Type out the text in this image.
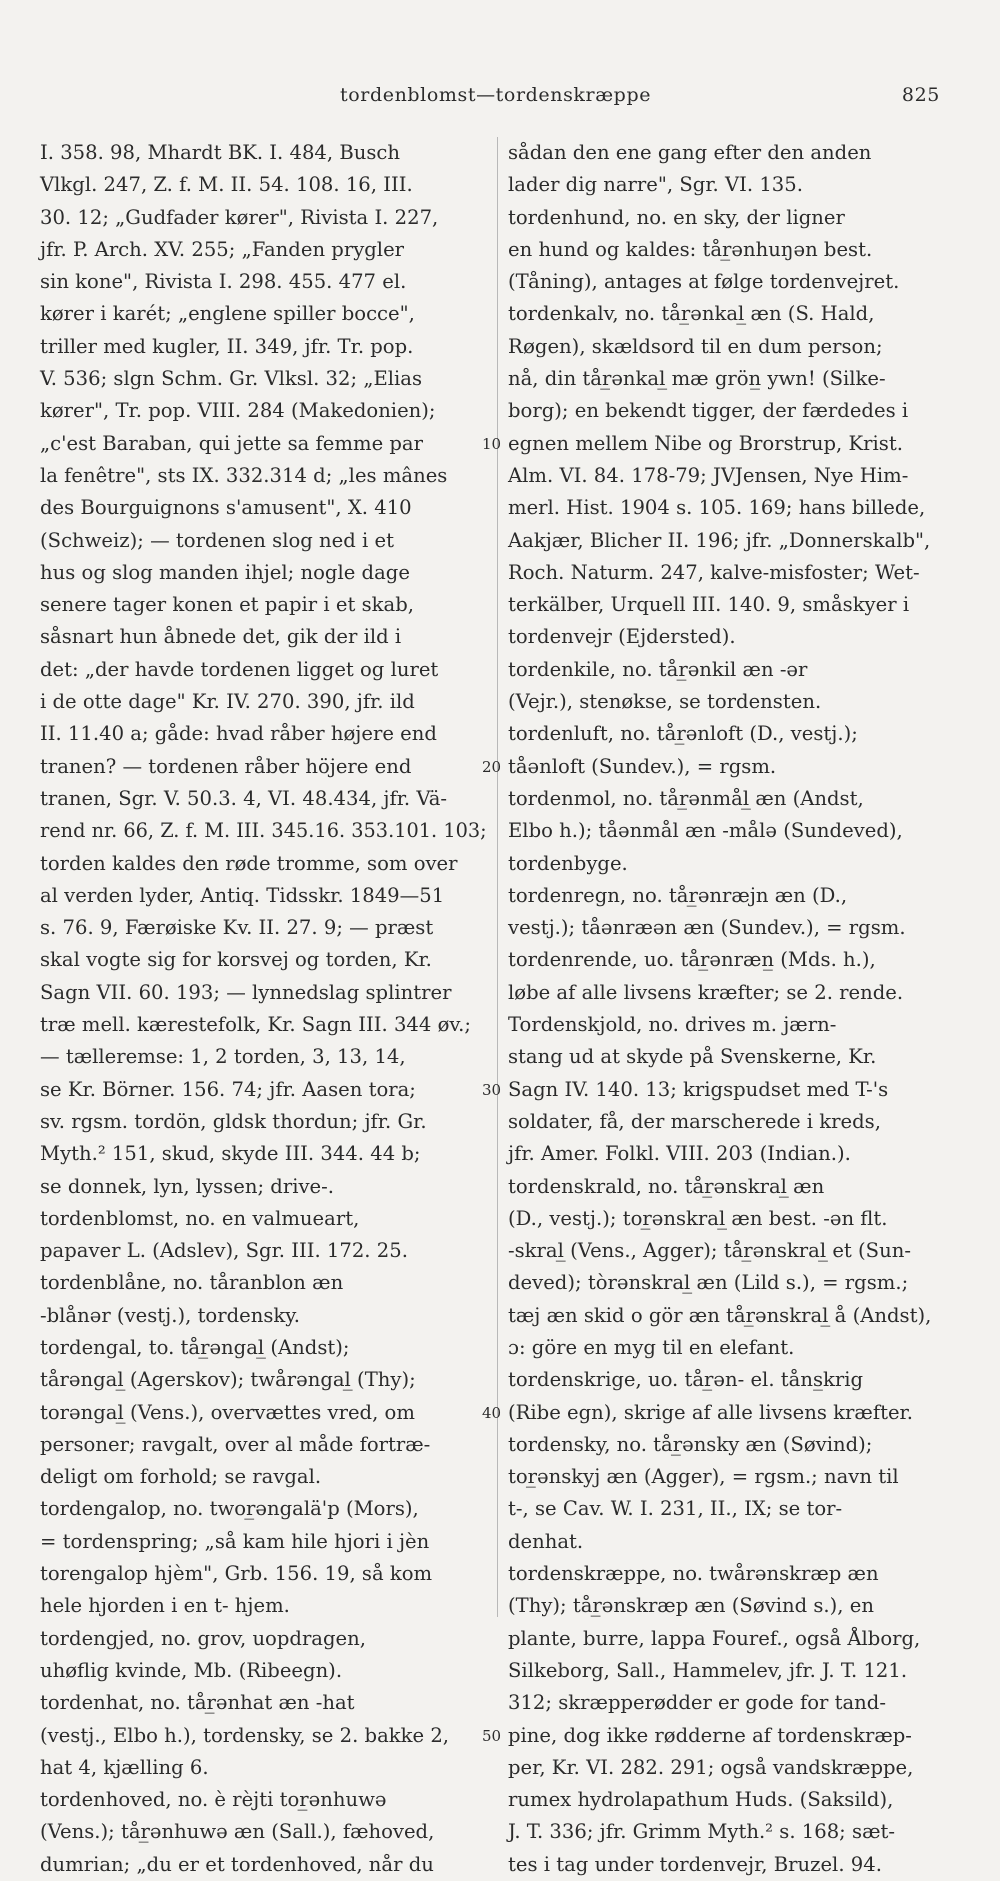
tordenblomst—tordenskræppe	825
I. 358. 98, Mhardt BK. I. 484, Busch
Vlkgl. 247, Z. f. M. II. 54. 108. 16, III.
30. 12; „Gudfader kører", Rivista I. 227,
jfr. P. Arch. XV. 255; „Fanden prygler
sin kone", Rivista I. 298. 455. 477 el.
kører i karét; „englene spiller bocce",
triller med kugler, II. 349, jfr. Tr. pop.
V. 536; slgn Schm. Gr. Vlksl. 32; „Elias
kører", Tr. pop. VIII. 284 (Makedonien);
„c'est Baraban, qui jette sa femme par
la fenêtre", sts IX. 332.314 d; „les mânes
des Bourguignons s'amusent", X. 410
(Schweiz); — tordenen slog ned i et
hus og slog manden ihjel; nogle dage
senere tager konen et papir i et skab,
såsnart hun åbnede det, gik der ild i
det: „der havde tordenen ligget og luret
i de otte dage" Kr. IV. 270. 390, jfr. ild
II. 11.40 a; gåde: hvad råber højere end
tranen? — tordenen råber höjere end
tranen, Sgr. V. 50.3. 4, VI. 48.434, jfr. Vä-
rend nr. 66, Z. f. M. III. 345.16. 353.101. 103;
torden kaldes den røde tromme, som over
al verden lyder, Antiq. Tidsskr. 1849—51
s. 76. 9, Færøiske Kv. II. 27. 9; — præst
skal vogte sig for korsvej og torden, Kr.
Sagn VII. 60. 193; — lynnedslag splintrer
træ mell. kærestefolk, Kr. Sagn III. 344 øv.;
— tælleremse: 1, 2 torden, 3, 13, 14,
se Kr. Börner. 156. 74; jfr. Aasen tora;
sv. rgsm. tordön, gldsk thordun; jfr. Gr.
Myth.² 151, skud, skyde III. 344. 44 b;
se donnek, lyn, lyssen; drive-.
tordenblomst, no. en valmueart,
papaver L. (Adslev), Sgr. III. 172. 25.
tordenblåne, no. tåranblon æn
-blånər (vestj.), tordensky.
tordengal, to. tår̲əngal̲ (Andst);
tårəngal̲ (Agerskov); twårəngal̲ (Thy);
torəngal̲ (Vens.), overvættes vred, om
personer; ravgalt, over al måde fortræ-
deligt om forhold; se ravgal.
tordengalop, no. twor̲əngalä'p (Mors),
= tordenspring; „så kam hile hjori i jèn
torengalop hjèm", Grb. 156. 19, så kom
hele hjorden i en t- hjem.
tordengjed, no. grov, uopdragen,
uhøflig kvinde, Mb. (Ribeegn).
tordenhat, no. tår̲ənhat æn -hat
(vestj., Elbo h.), tordensky, se 2. bakke 2,
hat 4, kjælling 6.
tordenhoved, no. è rèjti tor̲ənhuwə
(Vens.); tår̲ənhuwə æn (Sall.), fæhoved,
dumrian; „du er et tordenhoved, når du
sådan den ene gang efter den anden
lader dig narre", Sgr. VI. 135.
tordenhund, no. en sky, der ligner
en hund og kaldes: tår̲ənhuŋən best.
(Tåning), antages at følge tordenvejret.
tordenkalv, no. tår̲ənkal̲ æn (S. Hald,
Røgen), skældsord til en dum person;
nå, din tår̲ənkal̲ mæ grön̲ ywn! (Silke-
borg); en bekendt tigger, der færdedes i
egnen mellem Nibe og Brorstrup, Krist.
Alm. VI. 84. 178-79; JVJensen, Nye Him-
merl. Hist. 1904 s. 105. 169; hans billede,
Aakjær, Blicher II. 196; jfr. „Donnerskalb",
Roch. Naturm. 247, kalve-misfoster; Wet-
terkälber, Urquell III. 140. 9, småskyer i
tordenvejr (Ejdersted).
tordenkile, no. tår̲ənkil æn -ər
(Vejr.), stenøkse, se tordensten.
tordenluft, no. tår̲ənloft (D., vestj.);
tåənloft (Sundev.), = rgsm.
tordenmol, no. tår̲ənmål̲ æn (Andst,
Elbo h.); tåənmål æn -målə (Sundeved),
tordenbyge.
tordenregn, no. tår̲ənræjn æn (D.,
vestj.); tåənræən æn (Sundev.), = rgsm.
tordenrende, uo. tår̲ənræn̲ (Mds. h.),
løbe af alle livsens kræfter; se 2. rende.
Tordenskjold, no. drives m. jærn-
stang ud at skyde på Svenskerne, Kr.
Sagn IV. 140. 13; krigspudset med T-'s
soldater, få, der marscherede i kreds,
jfr. Amer. Folkl. VIII. 203 (Indian.).
tordenskrald, no. tår̲ənskral̲ æn
(D., vestj.); tor̲ənskral̲ æn best. -ən flt.
-skral̲ (Vens., Agger); tår̲ənskral̲ et (Sun-
deved); tòrənskral̲ æn (Lild s.), = rgsm.;
tæj æn skid o gör æn tår̲ənskral̲ å (Andst),
ɔ: göre en myg til en elefant.
tordenskrige, uo. tår̲ən- el. tåns̲krig
(Ribe egn), skrige af alle livsens kræfter.
tordensky, no. tår̲ənsky æn (Søvind);
tor̲ənskyj æn (Agger), = rgsm.; navn til
t-, se Cav. W. I. 231, II., IX; se tor-
denhat.
tordenskræppe, no. twårənskræp æn
(Thy); tår̲ənskræp æn (Søvind s.), en
plante, burre, lappa Fouref., også Ålborg,
Silkeborg, Sall., Hammelev, jfr. J. T. 121.
312; skræpperødder er gode for tand-
pine, dog ikke rødderne af tordenskræp-
per, Kr. VI. 282. 291; også vandskræppe,
rumex hydrolapathum Huds. (Saksild),
J. T. 336; jfr. Grimm Myth.² s. 168; sæt-
tes i tag under tordenvejr, Bruzel. 94.
10
20
30
40
50
